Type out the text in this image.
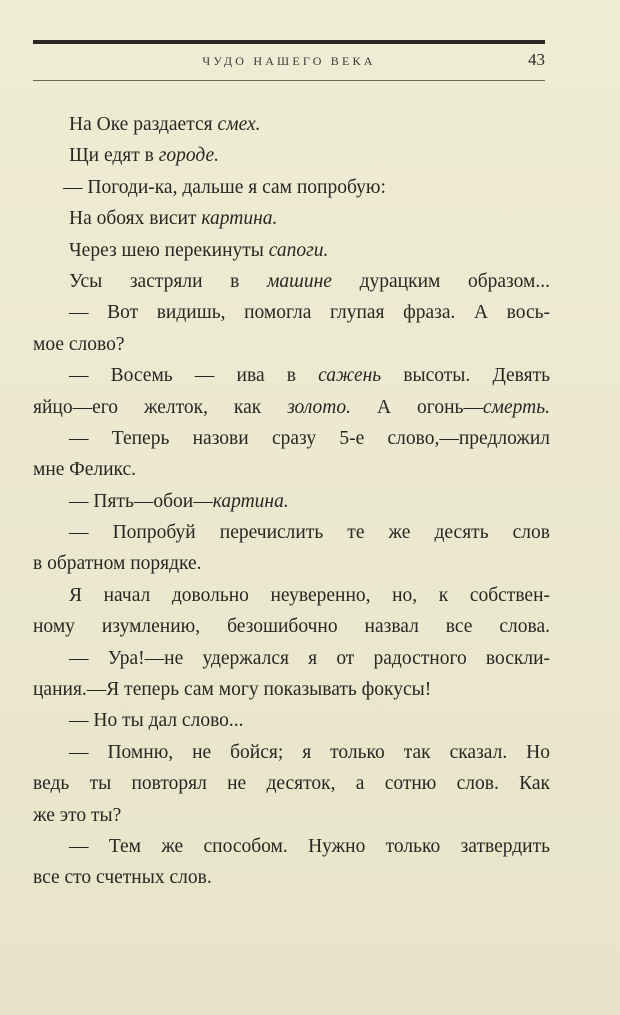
ЧУДО НАШЕГО ВЕКА	43
На Оке раздается смех.
Щи едят в городе.
— Погоди-ка, дальше я сам попробую:
На обоях висит картина.
Через шею перекинуты сапоги.
Усы застряли в машине дурацким образом...
— Вот видишь, помогла глупая фраза. А вось-
мое слово?
— Восемь — ива в сажень высоты. Девять
яйцо—его желток, как золото. А огонь—смерть.
— Теперь назови сразу 5-е слово,—предложил
мне Феликс.
— Пять—обои—картина.
— Попробуй перечислить те же десять слов
в обратном порядке.
Я начал довольно неуверенно, но, к собствен-
ному изумлению, безошибочно назвал все слова.
— Ура!—не удержался я от радостного воскли-
цания.—Я теперь сам могу показывать фокусы!
— Но ты дал слово...
— Помню, не бойся; я только так сказал. Но
ведь ты повторял не десяток, а сотню слов. Как
же это ты?
— Тем же способом. Нужно только затвердить
все сто счетных слов.
